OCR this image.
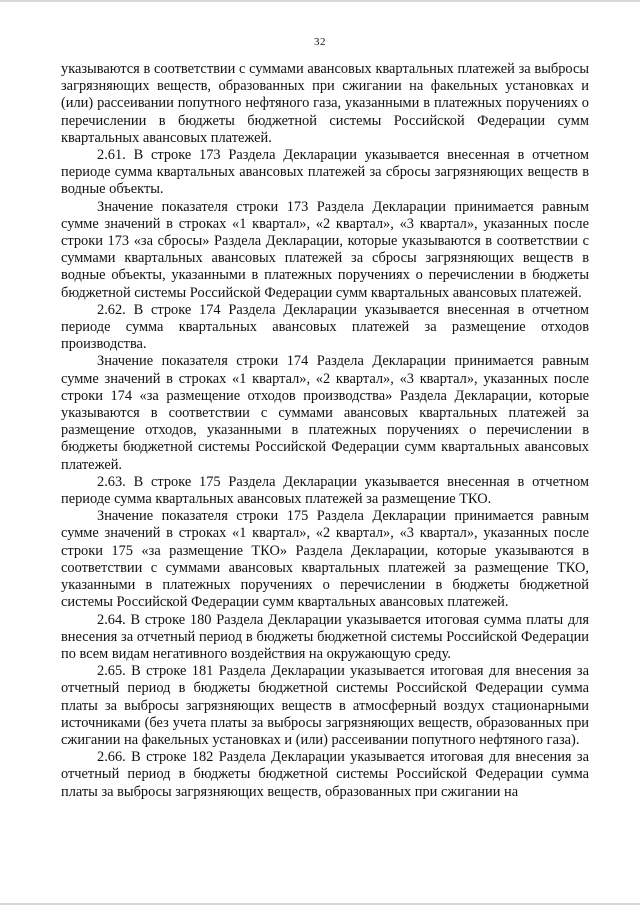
32

указываются в соответствии с суммами авансовых квартальных платежей за выбросы загрязняющих веществ, образованных при сжигании на факельных установках и (или) рассеивании попутного нефтяного газа, указанными в платежных поручениях о перечислении в бюджеты бюджетной системы Российской Федерации сумм квартальных авансовых платежей.

2.61. В строке 173 Раздела Декларации указывается внесенная в отчетном периоде сумма квартальных авансовых платежей за сбросы загрязняющих веществ в водные объекты.

Значение показателя строки 173 Раздела Декларации принимается равным сумме значений в строках «1 квартал», «2 квартал», «3 квартал», указанных после строки 173 «за сбросы» Раздела Декларации, которые указываются в соответствии с суммами квартальных авансовых платежей за сбросы загрязняющих веществ в водные объекты, указанными в платежных поручениях о перечислении в бюджеты бюджетной системы Российской Федерации сумм квартальных авансовых платежей.

2.62. В строке 174 Раздела Декларации указывается внесенная в отчетном периоде сумма квартальных авансовых платежей за размещение отходов производства.

Значение показателя строки 174 Раздела Декларации принимается равным сумме значений в строках «1 квартал», «2 квартал», «3 квартал», указанных после строки 174 «за размещение отходов производства» Раздела Декларации, которые указываются в соответствии с суммами авансовых квартальных платежей за размещение отходов, указанными в платежных поручениях о перечислении в бюджеты бюджетной системы Российской Федерации сумм квартальных авансовых платежей.

2.63. В строке 175 Раздела Декларации указывается внесенная в отчетном периоде сумма квартальных авансовых платежей за размещение ТКО.

Значение показателя строки 175 Раздела Декларации принимается равным сумме значений в строках «1 квартал», «2 квартал», «3 квартал», указанных после строки 175 «за размещение ТКО» Раздела Декларации, которые указываются в соответствии с суммами авансовых квартальных платежей за размещение ТКО, указанными в платежных поручениях о перечислении в бюджеты бюджетной системы Российской Федерации сумм квартальных авансовых платежей.

2.64. В строке 180 Раздела Декларации указывается итоговая сумма платы для внесения за отчетный период в бюджеты бюджетной системы Российской Федерации по всем видам негативного воздействия на окружающую среду.

2.65. В строке 181 Раздела Декларации указывается итоговая для внесения за отчетный период в бюджеты бюджетной системы Российской Федерации сумма платы за выбросы загрязняющих веществ в атмосферный воздух стационарными источниками (без учета платы за выбросы загрязняющих веществ, образованных при сжигании на факельных установках и (или) рассеивании попутного нефтяного газа).

2.66. В строке 182 Раздела Декларации указывается итоговая для внесения за отчетный период в бюджеты бюджетной системы Российской Федерации сумма платы за выбросы загрязняющих веществ, образованных при сжигании на
